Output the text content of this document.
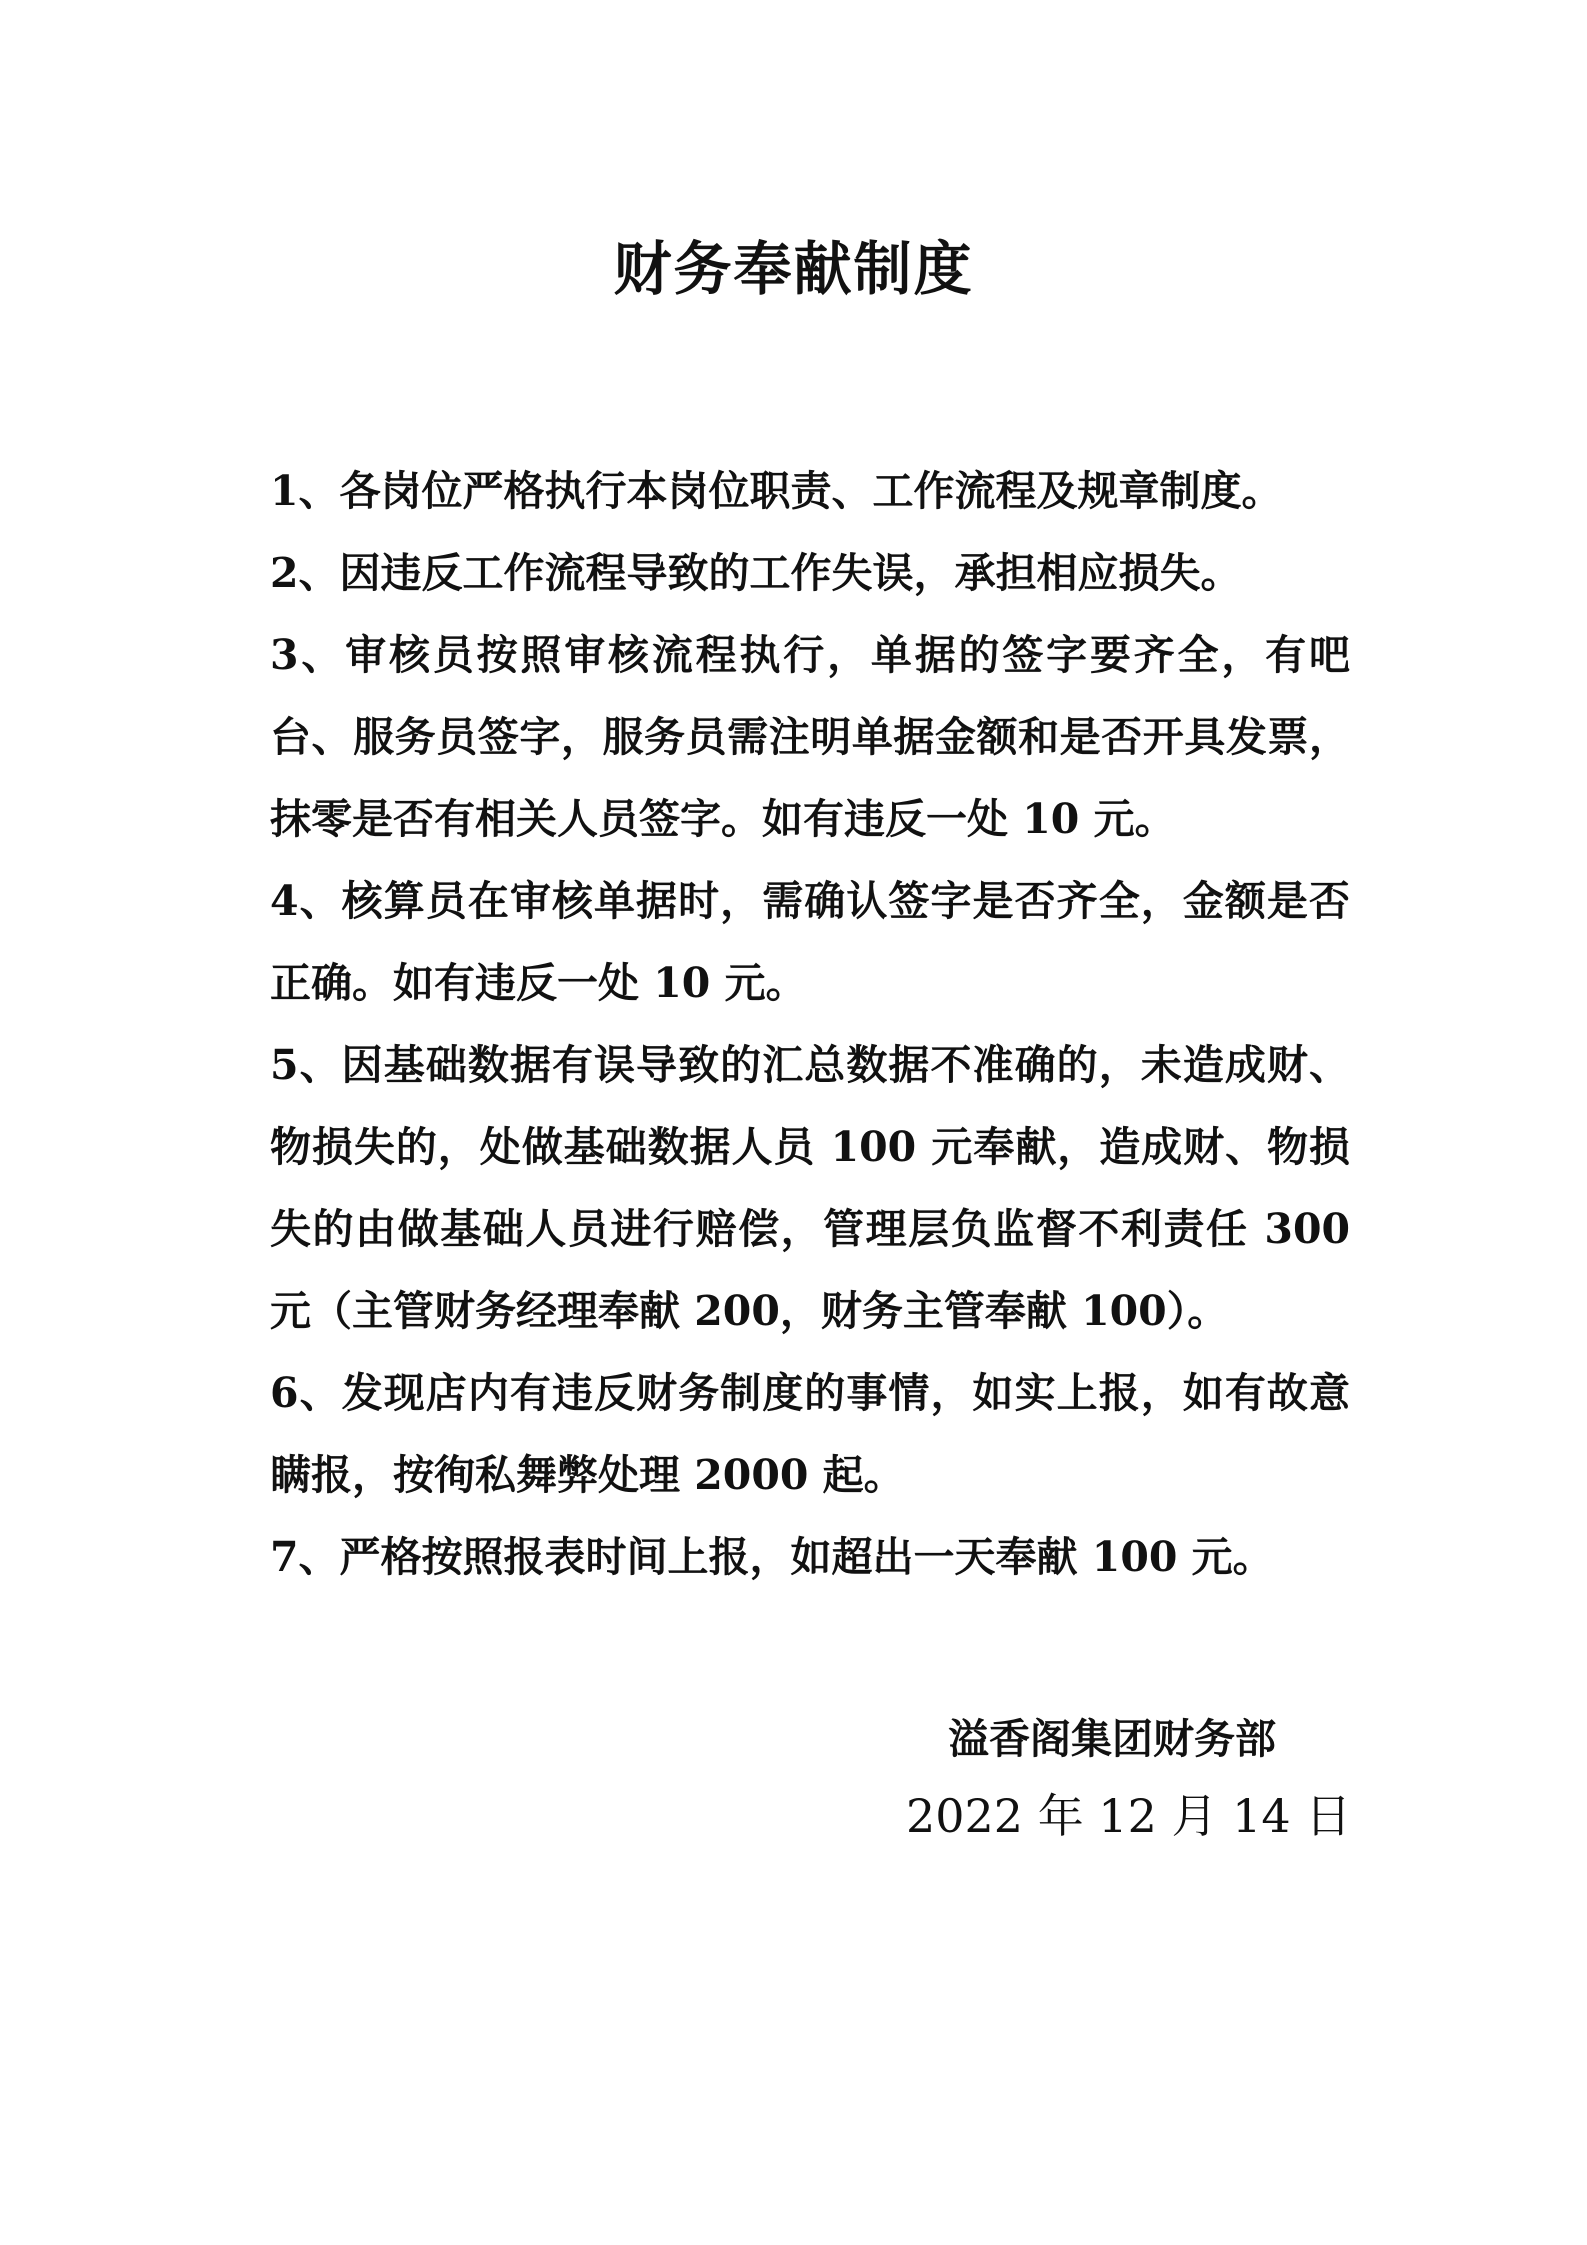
财务奉献制度

1、各岗位严格执行本岗位职责、工作流程及规章制度。

2、因违反工作流程导致的工作失误，承担相应损失。

3、审核员按照审核流程执行，单据的签字要齐全，有吧台、服务员签字，服务员需注明单据金额和是否开具发票，抹零是否有相关人员签字。如有违反一处 10 元。

4、核算员在审核单据时，需确认签字是否齐全，金额是否正确。如有违反一处 10 元。

5、因基础数据有误导致的汇总数据不准确的，未造成财、物损失的，处做基础数据人员 100 元奉献，造成财、物损失的由做基础人员进行赔偿，管理层负监督不利责任 300 元（主管财务经理奉献 200，财务主管奉献 100）。

6、发现店内有违反财务制度的事情，如实上报，如有故意瞒报，按徇私舞弊处理 2000 起。

7、严格按照报表时间上报，如超出一天奉献 100 元。

溢香阁集团财务部

2022 年 12 月 14 日
